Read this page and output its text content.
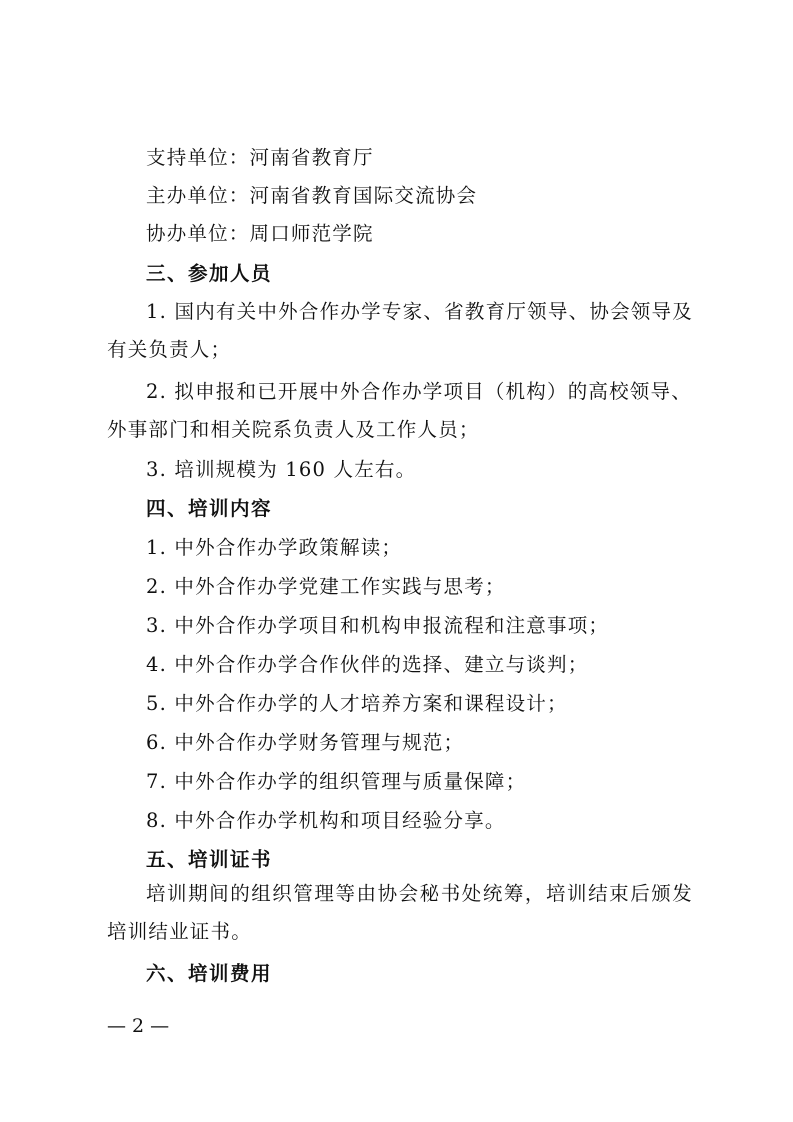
支持单位：河南省教育厅
主办单位：河南省教育国际交流协会
协办单位：周口师范学院
三、参加人员
1. 国内有关中外合作办学专家、省教育厅领导、协会领导及
有关负责人；
2. 拟申报和已开展中外合作办学项目（机构）的高校领导、
外事部门和相关院系负责人及工作人员；
3. 培训规模为 160 人左右。
四、培训内容
1. 中外合作办学政策解读；
2. 中外合作办学党建工作实践与思考；
3. 中外合作办学项目和机构申报流程和注意事项；
4. 中外合作办学合作伙伴的选择、建立与谈判；
5. 中外合作办学的人才培养方案和课程设计；
6. 中外合作办学财务管理与规范；
7. 中外合作办学的组织管理与质量保障；
8. 中外合作办学机构和项目经验分享。
五、培训证书
培训期间的组织管理等由协会秘书处统筹，培训结束后颁发
培训结业证书。
六、培训费用
— 2 —
